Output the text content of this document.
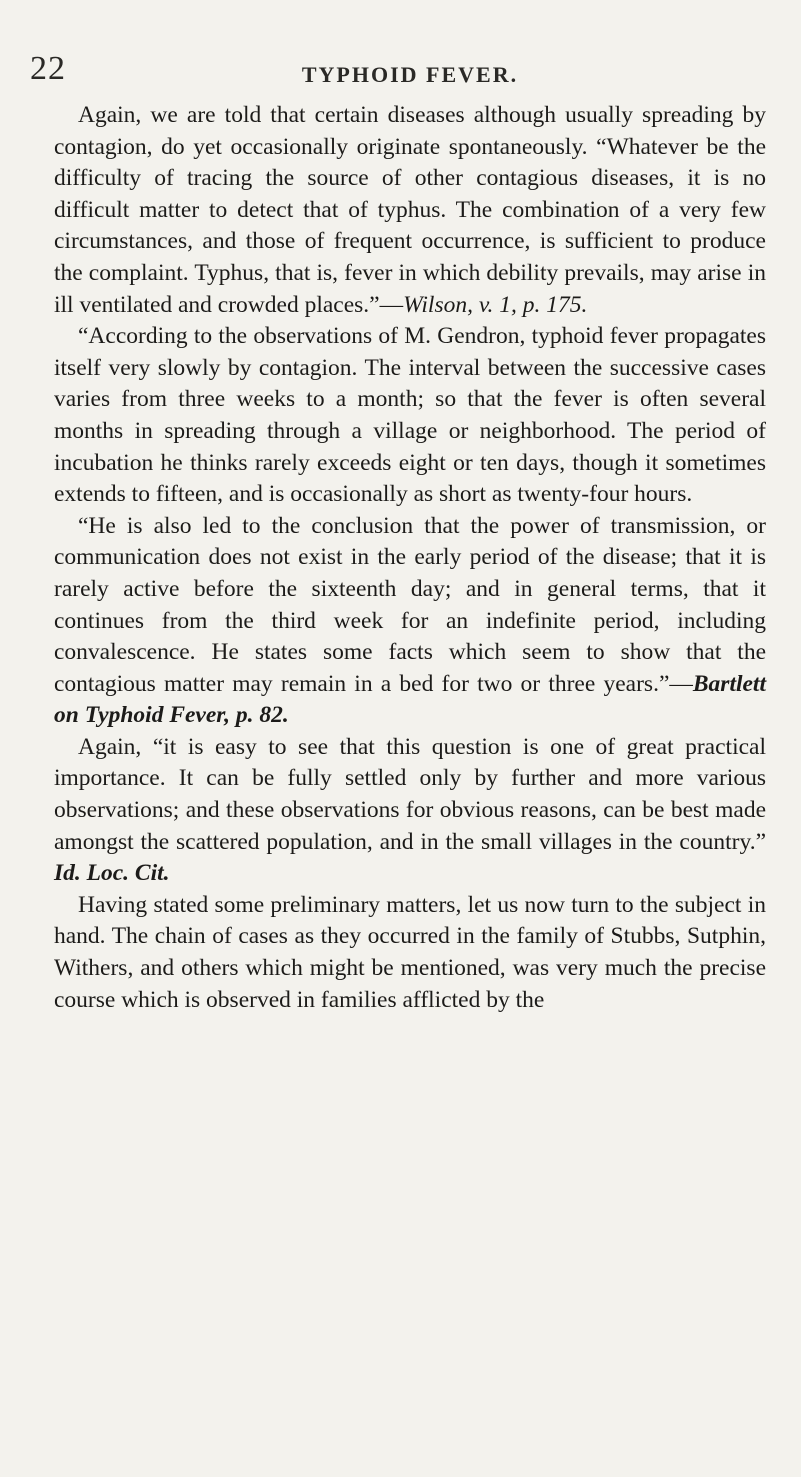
22	TYPHOID FEVER.

Again, we are told that certain diseases although usually spreading by contagion, do yet occasionally originate spontaneously. “Whatever be the difficulty of tracing the source of other contagious diseases, it is no difficult matter to detect that of typhus. The combination of a very few circumstances, and those of frequent occurrence, is sufficient to produce the complaint. Typhus, that is, fever in which debility prevails, may arise in ill ventilated and crowded places.”—Wilson, v. 1, p. 175.

“According to the observations of M. Gendron, typhoid fever propagates itself very slowly by contagion. The interval between the successive cases varies from three weeks to a month; so that the fever is often several months in spreading through a village or neighborhood. The period of incubation he thinks rarely exceeds eight or ten days, though it sometimes extends to fifteen, and is occasionally as short as twenty-four hours.

“He is also led to the conclusion that the power of transmission, or communication does not exist in the early period of the disease; that it is rarely active before the sixteenth day; and in general terms, that it continues from the third week for an indefinite period, including convalescence. He states some facts which seem to show that the contagious matter may remain in a bed for two or three years.”—Bartlett on Typhoid Fever, p. 82.

Again, “it is easy to see that this question is one of great practical importance. It can be fully settled only by further and more various observations; and these observations for obvious reasons, can be best made amongst the scattered population, and in the small villages in the country.” Id. Loc. Cit.

Having stated some preliminary matters, let us now turn to the subject in hand. The chain of cases as they occurred in the family of Stubbs, Sutphin, Withers, and others which might be mentioned, was very much the precise course which is observed in families afflicted by the
